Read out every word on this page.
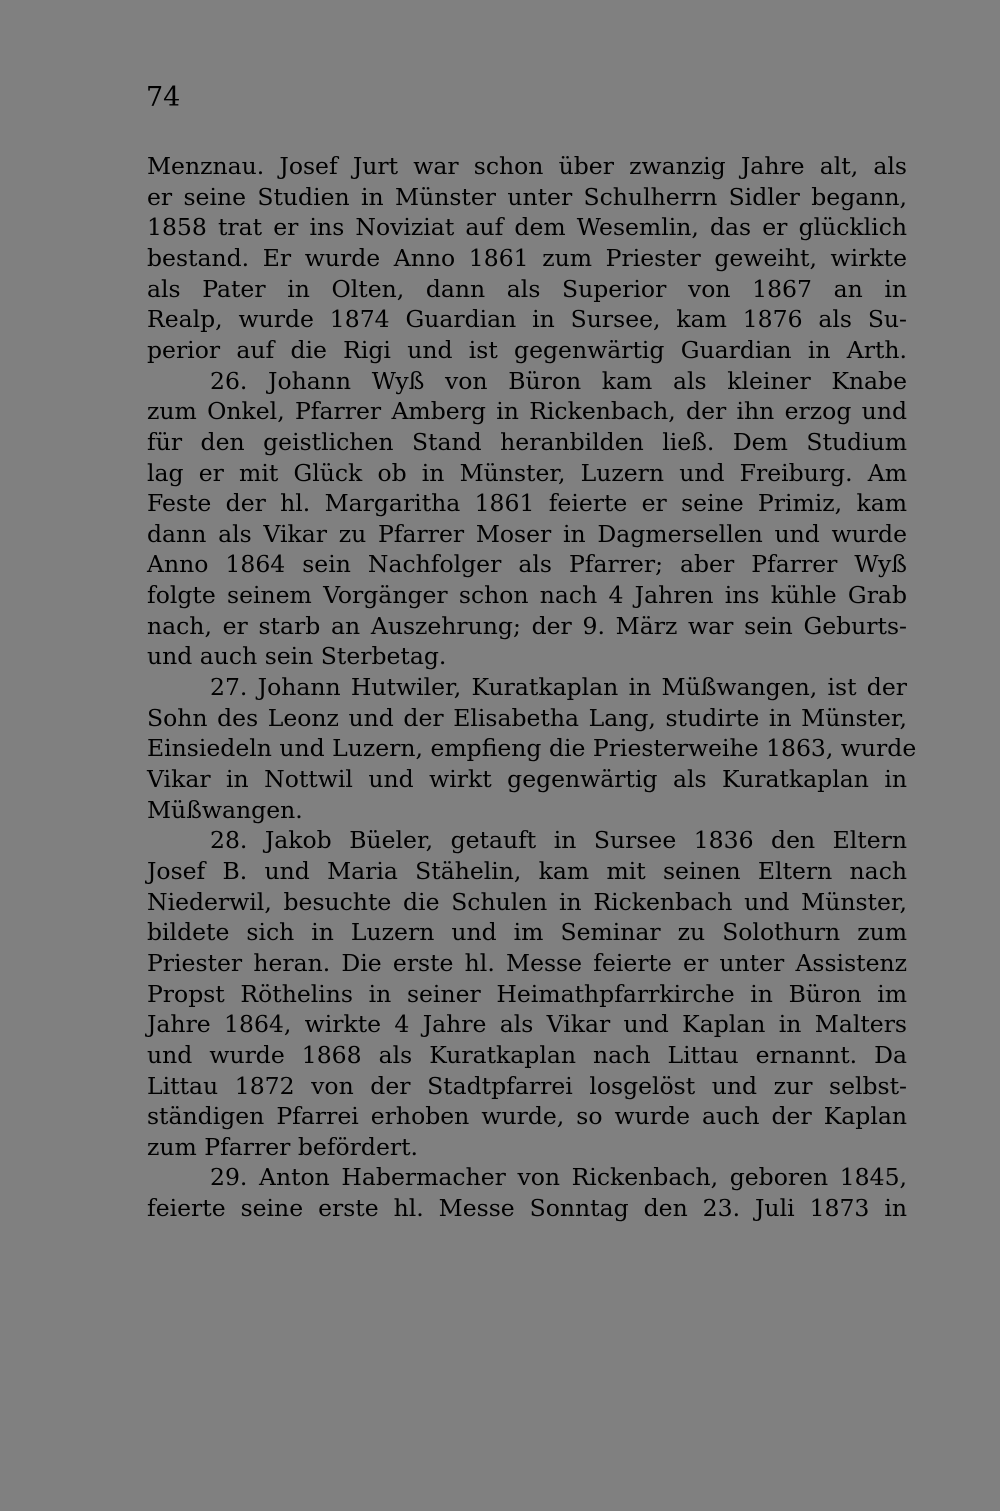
74
Menznau. Josef Jurt war schon über zwanzig Jahre alt, als
er seine Studien in Münster unter Schulherrn Sidler begann,
1858 trat er ins Noviziat auf dem Wesemlin, das er glücklich
bestand. Er wurde Anno 1861 zum Priester geweiht, wirkte
als Pater in Olten, dann als Superior von 1867 an in
Realp, wurde 1874 Guardian in Sursee, kam 1876 als Su-
perior auf die Rigi und ist gegenwärtig Guardian in Arth.
26. Johann Wyß von Büron kam als kleiner Knabe
zum Onkel, Pfarrer Amberg in Rickenbach, der ihn erzog und
für den geistlichen Stand heranbilden ließ. Dem Studium
lag er mit Glück ob in Münster, Luzern und Freiburg. Am
Feste der hl. Margaritha 1861 feierte er seine Primiz, kam
dann als Vikar zu Pfarrer Moser in Dagmersellen und wurde
Anno 1864 sein Nachfolger als Pfarrer; aber Pfarrer Wyß
folgte seinem Vorgänger schon nach 4 Jahren ins kühle Grab
nach, er starb an Auszehrung; der 9. März war sein Geburts-
und auch sein Sterbetag.
27. Johann Hutwiler, Kuratkaplan in Müßwangen, ist der
Sohn des Leonz und der Elisabetha Lang, studirte in Münster,
Einsiedeln und Luzern, empfieng die Priesterweihe 1863, wurde
Vikar in Nottwil und wirkt gegenwärtig als Kuratkaplan in
Müßwangen.
28. Jakob Büeler, getauft in Sursee 1836 den Eltern
Josef B. und Maria Stähelin, kam mit seinen Eltern nach
Niederwil, besuchte die Schulen in Rickenbach und Münster,
bildete sich in Luzern und im Seminar zu Solothurn zum
Priester heran. Die erste hl. Messe feierte er unter Assistenz
Propst Röthelins in seiner Heimathpfarrkirche in Büron im
Jahre 1864, wirkte 4 Jahre als Vikar und Kaplan in Malters
und wurde 1868 als Kuratkaplan nach Littau ernannt. Da
Littau 1872 von der Stadtpfarrei losgelöst und zur selbst-
ständigen Pfarrei erhoben wurde, so wurde auch der Kaplan
zum Pfarrer befördert.
29. Anton Habermacher von Rickenbach, geboren 1845,
feierte seine erste hl. Messe Sonntag den 23. Juli 1873 in
